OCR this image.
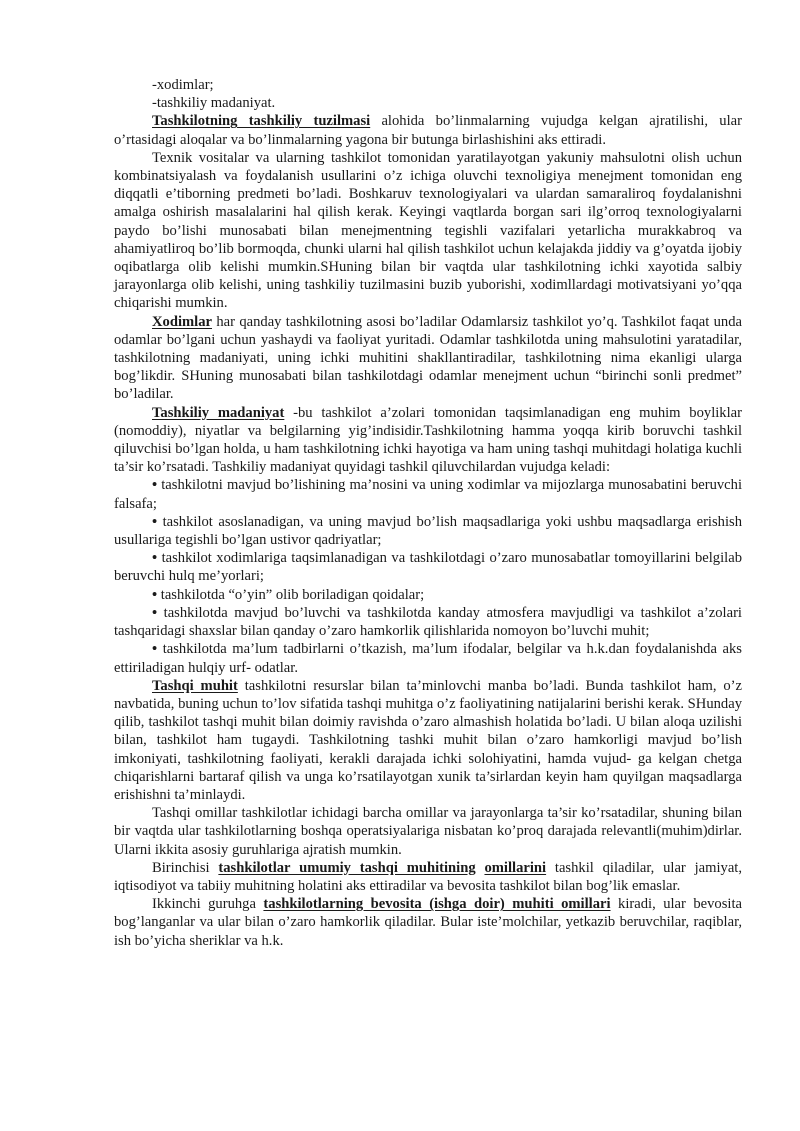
-xodimlar;

-tashkiliy madaniyat.

Tashkilotning tashkiliy tuzilmasi alohida bo’linmalarning vujudga kelgan ajratilishi, ular o’rtasidagi aloqalar va bo’linmalarning yagona bir butunga birlashishini aks ettiradi.

Texnik vositalar va ularning tashkilot tomonidan yaratilayotgan yakuniy mahsulotni olish uchun kombinatsiyalash va foydalanish usullarini o’z ichiga oluvchi texnoligiya menejment tomonidan eng diqqatli e’tiborning predmeti bo’ladi. Boshkaruv texnologiyalari va ulardan samaraliroq foydalanishni amalga oshirish masalalarini hal qilish kerak. Keyingi vaqtlarda borgan sari ilg’orroq texnologiyalarni paydo bo’lishi munosabati bilan menejmentning tegishli vazifalari yetarlicha murakkabroq va ahamiyatliroq bo’lib bormoqda, chunki ularni hal qilish tashkilot uchun kelajakda jiddiy va g’oyatda ijobiy oqibatlarga olib kelishi mumkin.SHuning bilan bir vaqtda ular tashkilotning ichki xayotida salbiy jarayonlarga olib kelishi, uning tashkiliy tuzilmasini buzib yuborishi, xodimllardagi motivatsiyani yo’qqa chiqarishi mumkin.

Xodimlar har qanday tashkilotning asosi bo’ladilar Odamlarsiz tashkilot yo’q. Tashkilot faqat unda odamlar bo’lgani uchun yashaydi va faoliyat yuritadi. Odamlar tashkilotda uning mahsulotini yaratadilar, tashkilotning madaniyati, uning ichki muhitini shakllantiradilar, tashkilotning nima ekanligi ularga bog’likdir. SHuning munosabati bilan tashkilotdagi odamlar menejment uchun “birinchi sonli predmet” bo’ladilar.

Tashkiliy madaniyat -bu tashkilot a’zolari tomonidan taqsimlanadigan eng muhim boyliklar (nomoddiy), niyatlar va belgilarning yig’indisidir.Tashkilotning hamma yoqqa kirib boruvchi tashkil qiluvchisi bo’lgan holda, u ham tashkilotning ichki hayotiga va ham uning tashqi muhitdagi holatiga kuchli ta’sir ko’rsatadi. Tashkiliy madaniyat quyidagi tashkil qiluvchilardan vujudga keladi:

• tashkilotni mavjud bo’lishining ma’nosini va uning xodimlar va mijozlarga munosabatini beruvchi falsafa;

• tashkilot asoslanadigan, va uning mavjud bo’lish maqsadlariga yoki ushbu maqsadlarga erishish usullariga tegishli bo’lgan ustivor qadriyatlar;

• tashkilot xodimlariga taqsimlanadigan va tashkilotdagi o’zaro munosabatlar tomoyillarini belgilab beruvchi hulq me’yorlari;

• tashkilotda “o’yin” olib boriladigan qoidalar;

• tashkilotda mavjud bo’luvchi va tashkilotda kanday atmosfera mavjudligi va tashkilot a’zolari tashqaridagi shaxslar bilan qanday o’zaro hamkorlik qilishlarida nomoyon bo’luvchi muhit;

• tashkilotda ma’lum tadbirlarni o’tkazish, ma’lum ifodalar, belgilar va h.k.dan foydalanishda aks ettiriladigan hulqiy urf- odatlar.

Tashqi muhit tashkilotni resurslar bilan ta’minlovchi manba bo’ladi. Bunda tashkilot ham, o’z navbatida, buning uchun to’lov sifatida tashqi muhitga o’z faoliyatining natijalarini berishi kerak. SHunday qilib, tashkilot tashqi muhit bilan doimiy ravishda o’zaro almashish holatida bo’ladi. U bilan aloqa uzilishi bilan, tashkilot ham tugaydi. Tashkilotning tashki muhit bilan o’zaro hamkorligi mavjud bo’lish imkoniyati, tashkilotning faoliyati, kerakli darajada ichki solohiyatini, hamda vujud- ga kelgan chetga chiqarishlarni bartaraf qilish va unga ko’rsatilayotgan xunik ta’sirlardan keyin ham quyilgan maqsadlarga erishishni ta’minlaydi.

Tashqi omillar tashkilotlar ichidagi barcha omillar va jarayonlarga ta’sir ko’rsatadilar, shuning bilan bir vaqtda ular tashkilotlarning boshqa operatsiyalariga nisbatan ko’proq darajada relevantli(muhim)dirlar. Ularni ikkita asosiy guruhlariga ajratish mumkin.

Birinchisi tashkilotlar umumiy tashqi muhitining omillarini tashkil qiladilar, ular jamiyat, iqtisodiyot va tabiiy muhitning holatini aks ettiradilar va bevosita tashkilot bilan bog’lik emaslar.

Ikkinchi guruhga tashkilotlarning bevosita (ishga doir) muhiti omillari kiradi, ular bevosita bog’langanlar va ular bilan o’zaro hamkorlik qiladilar. Bular iste’molchilar, yetkazib beruvchilar, raqiblar, ish bo’yicha sheriklar va h.k.
